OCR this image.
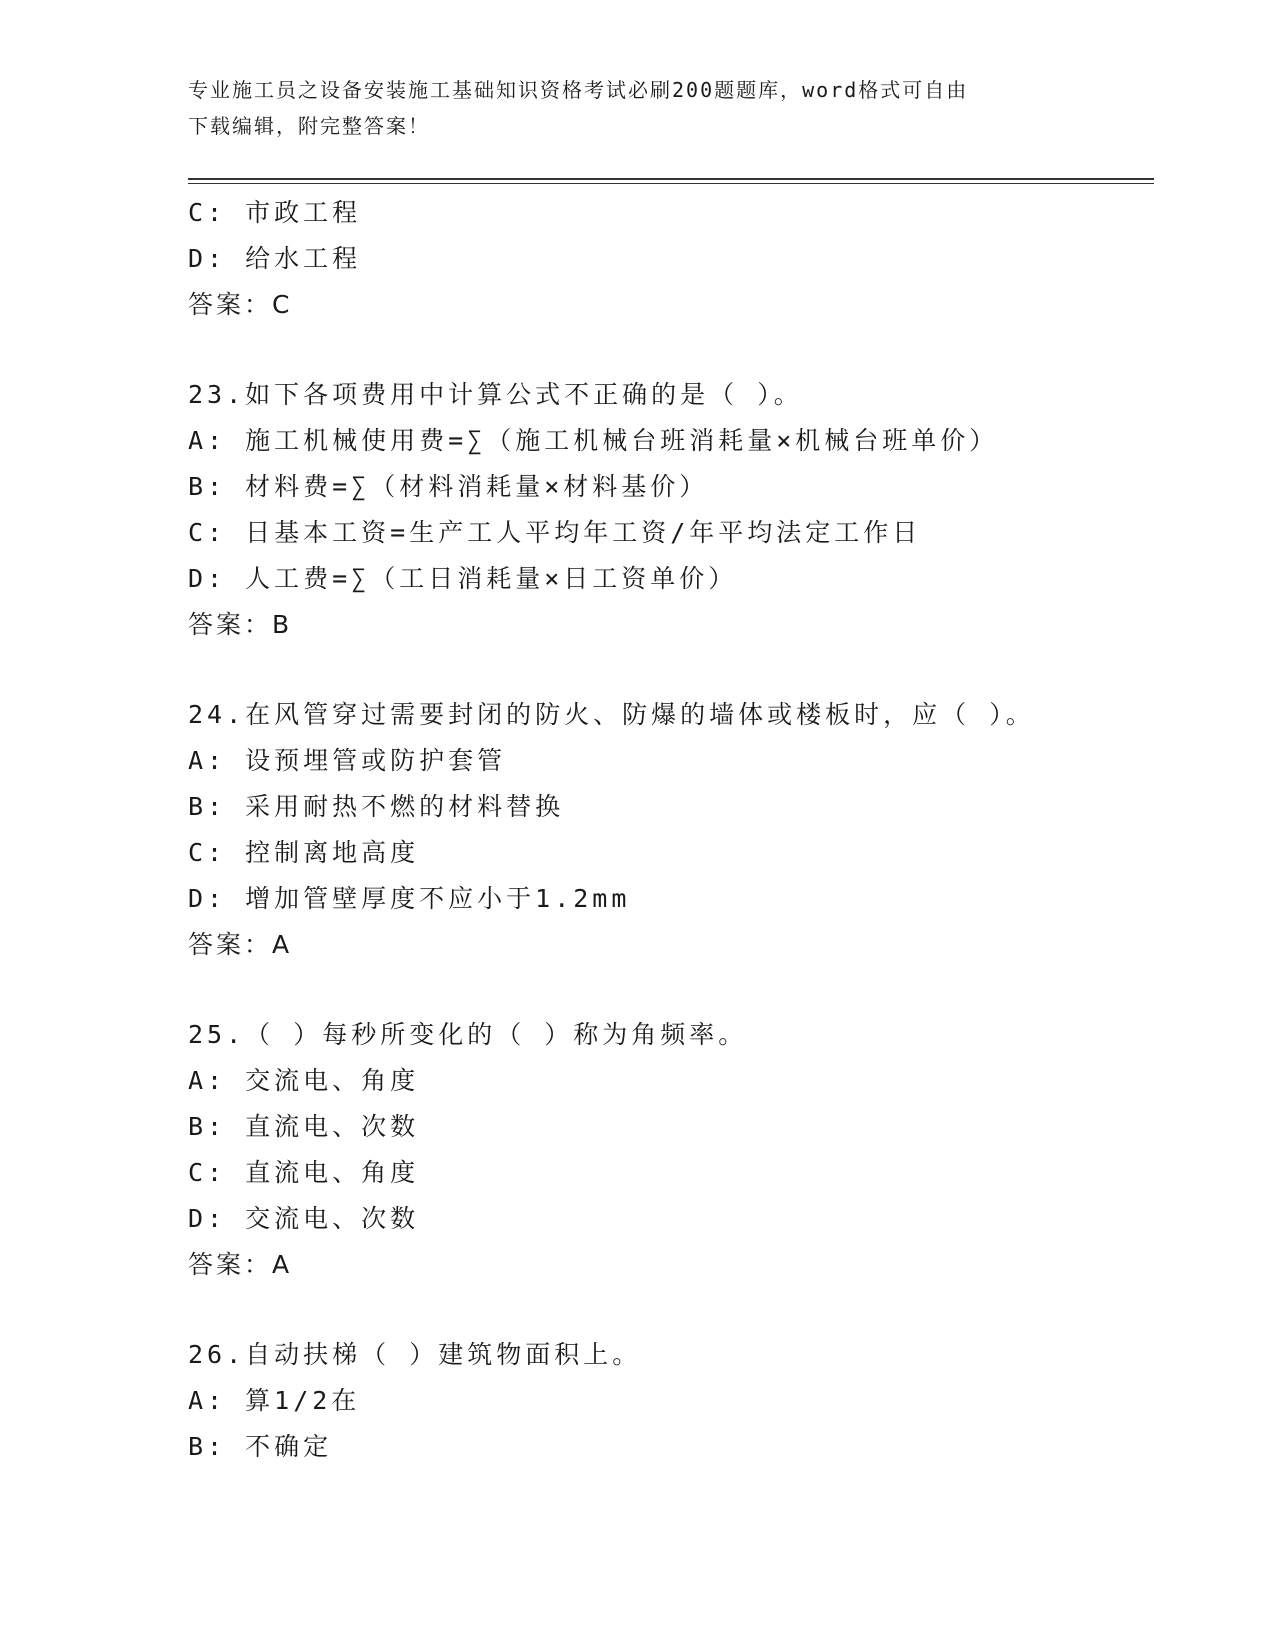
专业施工员之设备安装施工基础知识资格考试必刷200题题库，word格式可自由
下载编辑，附完整答案！
C: 市政工程
D: 给水工程
答案：C
23.如下各项费用中计算公式不正确的是（ ）。
A: 施工机械使用费=∑（施工机械台班消耗量×机械台班单价）
B: 材料费=∑（材料消耗量×材料基价）
C: 日基本工资=生产工人平均年工资/年平均法定工作日
D: 人工费=∑（工日消耗量×日工资单价）
答案：B
24.在风管穿过需要封闭的防火、防爆的墙体或楼板时，应（ ）。
A: 设预埋管或防护套管
B: 采用耐热不燃的材料替换
C: 控制离地高度
D: 增加管壁厚度不应小于1.2mm
答案：A
25.（ ）每秒所变化的（ ）称为角频率。
A: 交流电、角度
B: 直流电、次数
C: 直流电、角度
D: 交流电、次数
答案：A
26.自动扶梯（ ）建筑物面积上。
A: 算1/2在
B: 不确定
